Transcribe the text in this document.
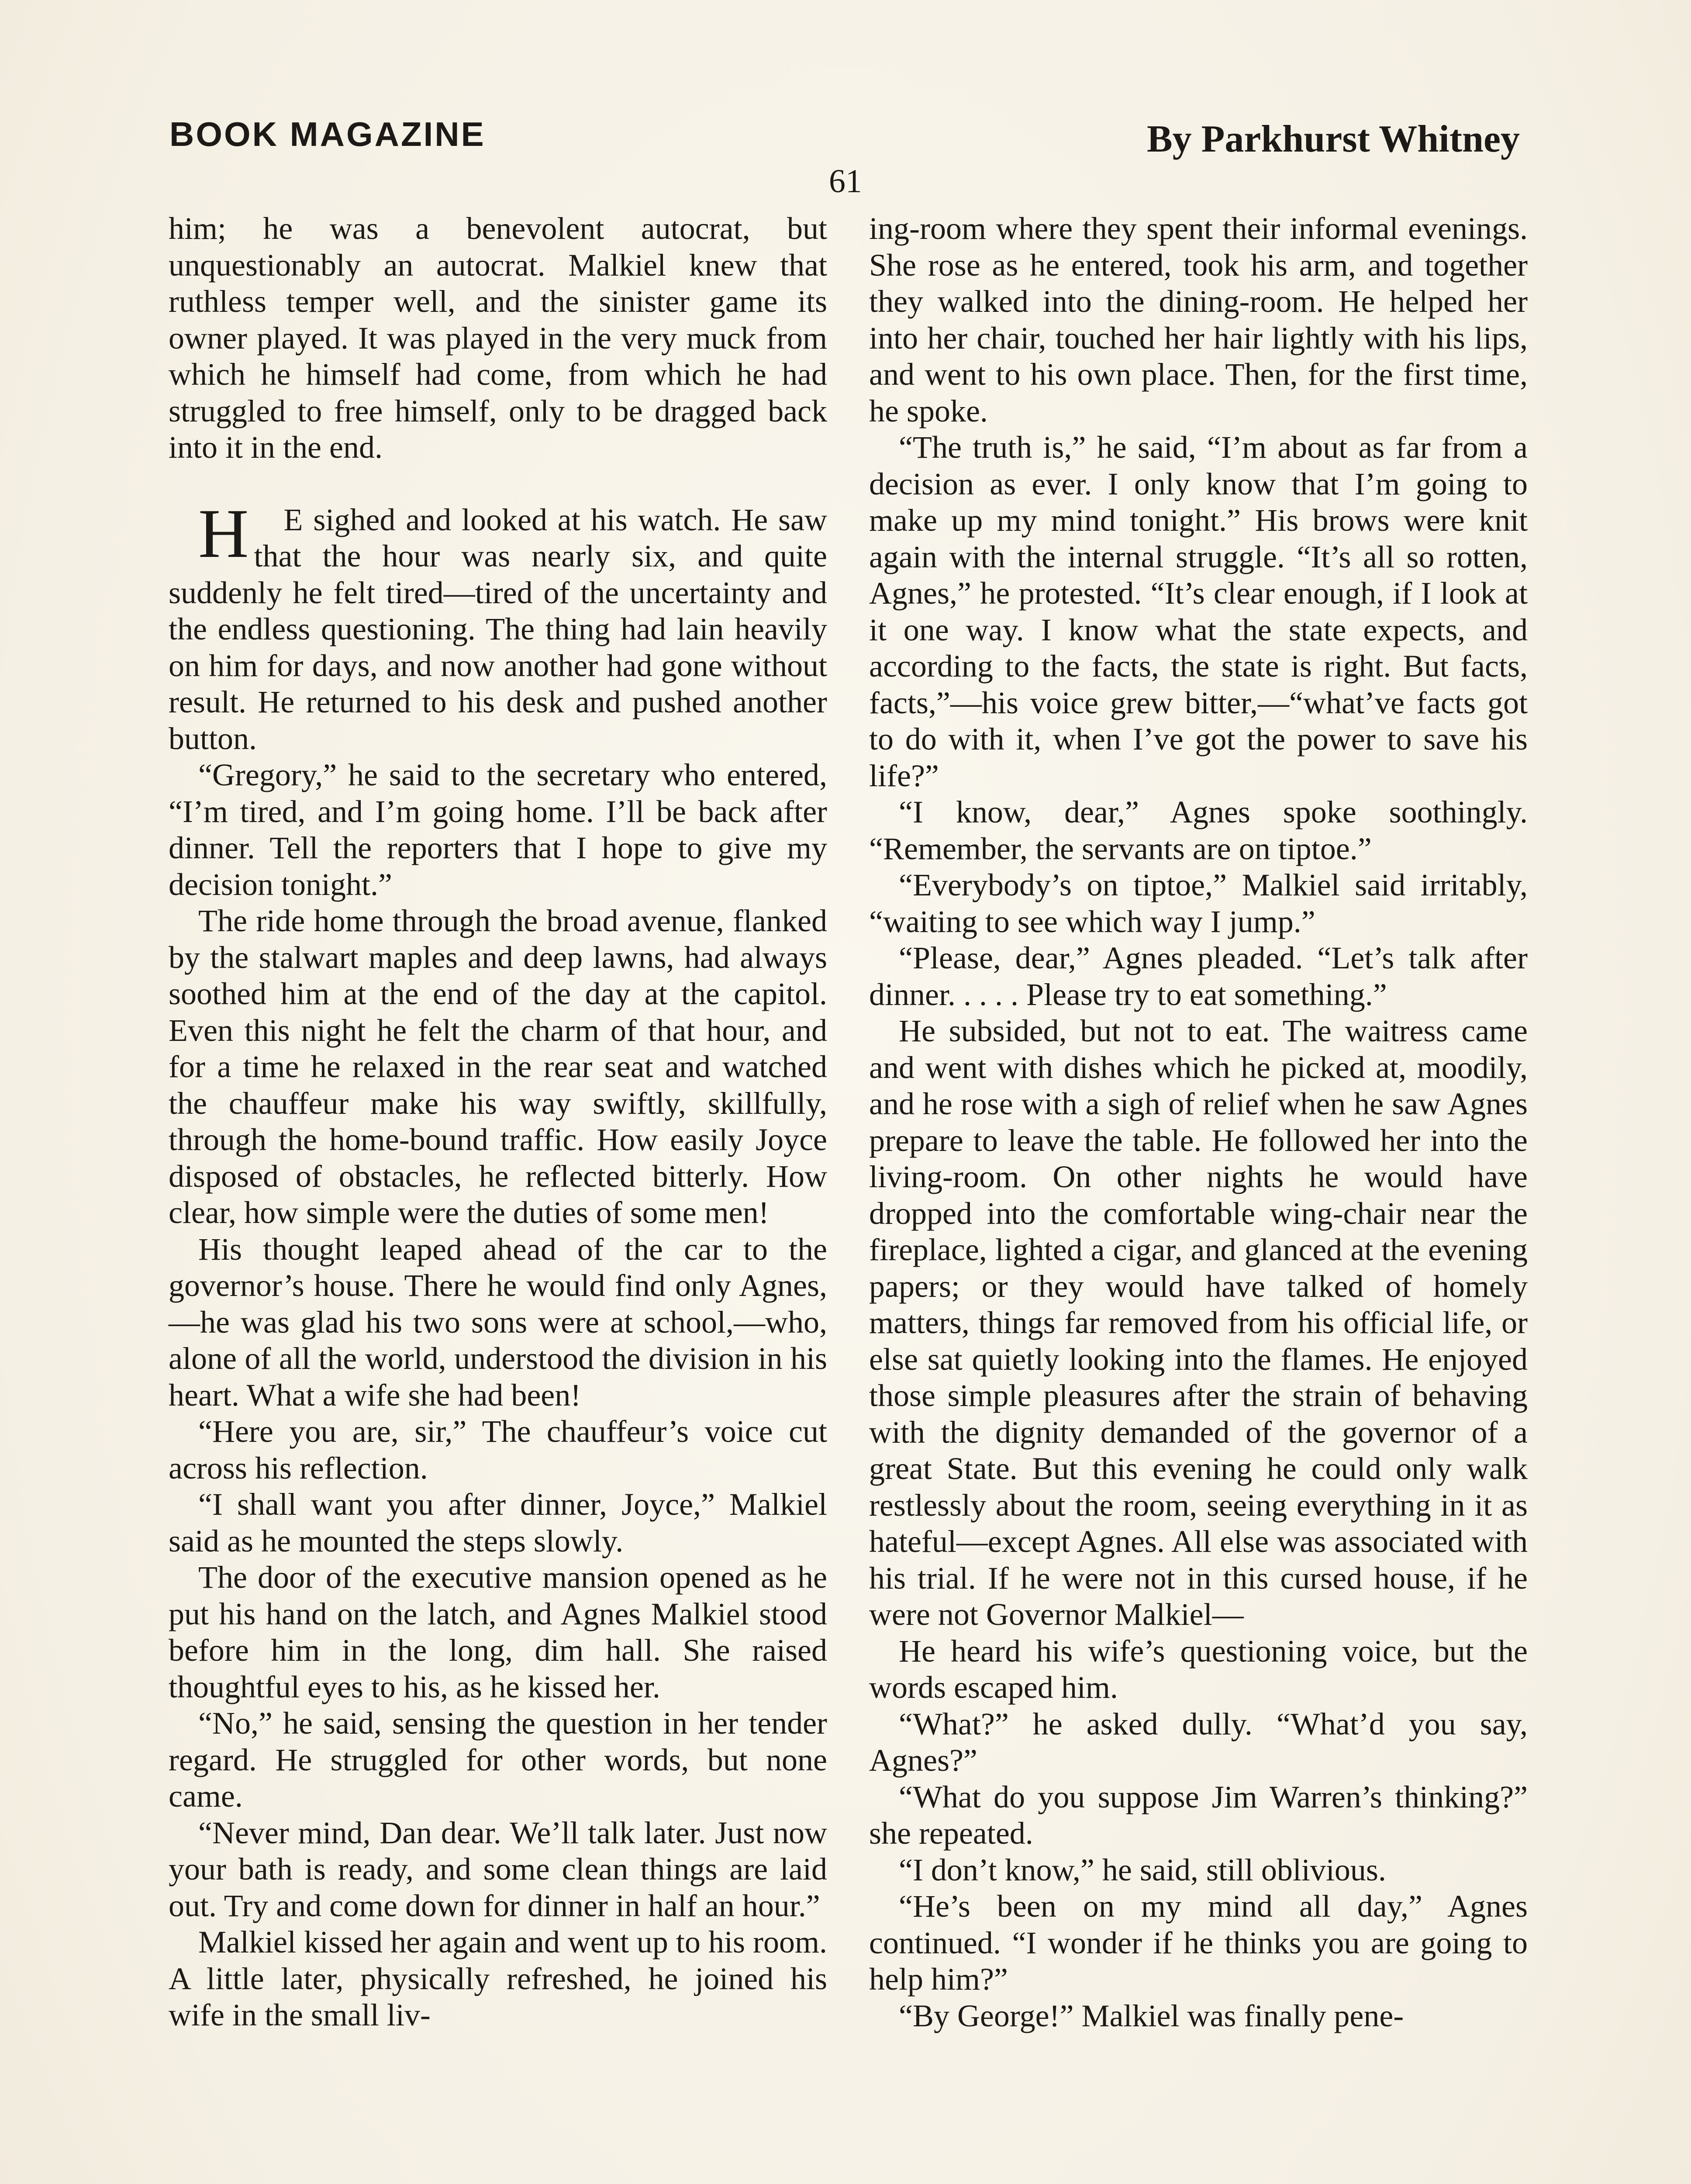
BOOK MAGAZINE	By Parkhurst Whitney
61

him; he was a benevolent autocrat, but unquestionably an autocrat. Malkiel knew that ruthless temper well, and the sinister game its owner played. It was played in the very muck from which he himself had come, from which he had struggled to free himself, only to be dragged back into it in the end.

H E sighed and looked at his watch. He saw that the hour was nearly six, and quite suddenly he felt tired—tired of the uncertainty and the endless questioning. The thing had lain heavily on him for days, and now another had gone without result. He returned to his desk and pushed another button.

“Gregory,” he said to the secretary who entered, “I’m tired, and I’m going home. I’ll be back after dinner. Tell the reporters that I hope to give my decision tonight.”

The ride home through the broad avenue, flanked by the stalwart maples and deep lawns, had always soothed him at the end of the day at the capitol. Even this night he felt the charm of that hour, and for a time he relaxed in the rear seat and watched the chauffeur make his way swiftly, skillfully, through the home-bound traffic. How easily Joyce disposed of obstacles, he reflected bitterly. How clear, how simple were the duties of some men!

His thought leaped ahead of the car to the governor’s house. There he would find only Agnes,—he was glad his two sons were at school,—who, alone of all the world, understood the division in his heart. What a wife she had been!

“Here you are, sir,” The chauffeur’s voice cut across his reflection.

“I shall want you after dinner, Joyce,” Malkiel said as he mounted the steps slowly.

The door of the executive mansion opened as he put his hand on the latch, and Agnes Malkiel stood before him in the long, dim hall. She raised thoughtful eyes to his, as he kissed her.

“No,” he said, sensing the question in her tender regard. He struggled for other words, but none came.

“Never mind, Dan dear. We’ll talk later. Just now your bath is ready, and some clean things are laid out. Try and come down for dinner in half an hour.”

Malkiel kissed her again and went up to his room. A little later, physically refreshed, he joined his wife in the small liv-

ing-room where they spent their informal evenings. She rose as he entered, took his arm, and together they walked into the dining-room. He helped her into her chair, touched her hair lightly with his lips, and went to his own place. Then, for the first time, he spoke.

“The truth is,” he said, “I’m about as far from a decision as ever. I only know that I’m going to make up my mind tonight.” His brows were knit again with the internal struggle. “It’s all so rotten, Agnes,” he protested. “It’s clear enough, if I look at it one way. I know what the state expects, and according to the facts, the state is right. But facts, facts,”—his voice grew bitter,—“what’ve facts got to do with it, when I’ve got the power to save his life?”

“I know, dear,” Agnes spoke soothingly. “Remember, the servants are on tiptoe.”

“Everybody’s on tiptoe,” Malkiel said irritably, “waiting to see which way I jump.”

“Please, dear,” Agnes pleaded. “Let’s talk after dinner. . . . . Please try to eat something.”

He subsided, but not to eat. The waitress came and went with dishes which he picked at, moodily, and he rose with a sigh of relief when he saw Agnes prepare to leave the table. He followed her into the living-room. On other nights he would have dropped into the comfortable wing-chair near the fireplace, lighted a cigar, and glanced at the evening papers; or they would have talked of homely matters, things far removed from his official life, or else sat quietly looking into the flames. He enjoyed those simple pleasures after the strain of behaving with the dignity demanded of the governor of a great State. But this evening he could only walk restlessly about the room, seeing everything in it as hateful—except Agnes. All else was associated with his trial. If he were not in this cursed house, if he were not Governor Malkiel—

He heard his wife’s questioning voice, but the words escaped him.

“What?” he asked dully. “What’d you say, Agnes?”

“What do you suppose Jim Warren’s thinking?” she repeated.

“I don’t know,” he said, still oblivious.

“He’s been on my mind all day,” Agnes continued. “I wonder if he thinks you are going to help him?”

“By George!” Malkiel was finally pene-
